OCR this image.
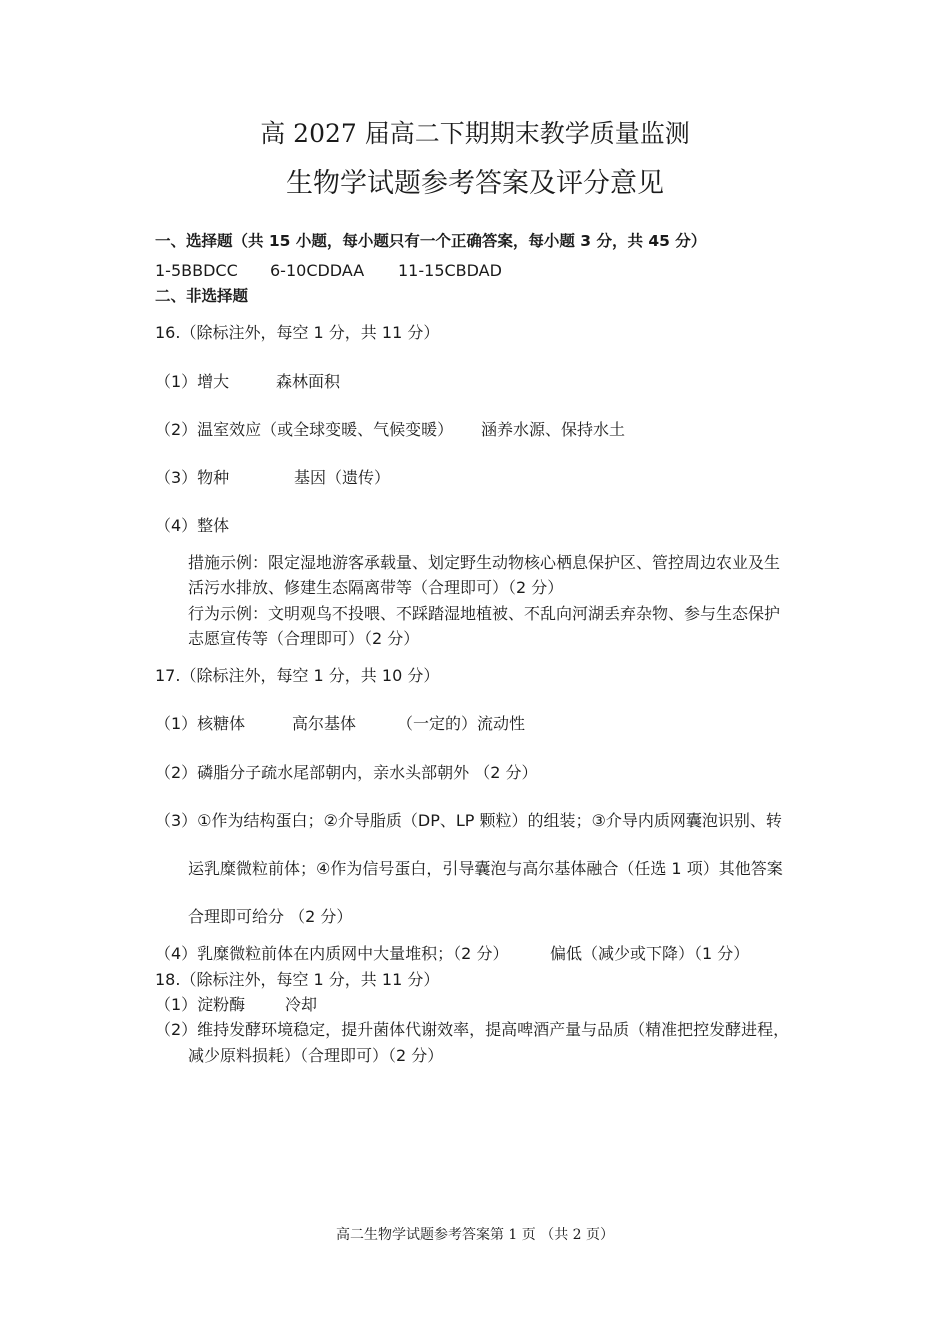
高 2027 届高二下期期末教学质量监测
生物学试题参考答案及评分意见
一、选择题（共 15 小题，每小题只有一个正确答案，每小题 3 分，共 45 分）
1-5BBDCC 6-10CDDAA 11-15CBDAD
二、非选择题
16.（除标注外，每空 1 分，共 11 分）
（1）增大	森林面积
（2）温室效应（或全球变暖、气候变暖） 涵养水源、保持水土
（3）物种	基因（遗传）
（4）整体
措施示例：限定湿地游客承载量、划定野生动物核心栖息保护区、管控周边农业及生
活污水排放、修建生态隔离带等（合理即可）（2 分）
行为示例：文明观鸟不投喂、不踩踏湿地植被、不乱向河湖丢弃杂物、参与生态保护
志愿宣传等（合理即可）（2 分）
17.（除标注外，每空 1 分，共 10 分）
（1）核糖体	高尔基体	（一定的）流动性
（2）磷脂分子疏水尾部朝内，亲水头部朝外 （2 分）
（3）①作为结构蛋白；②介导脂质（DP、LP 颗粒）的组装；③介导内质网囊泡识别、转
运乳糜微粒前体；④作为信号蛋白，引导囊泡与高尔基体融合（任选 1 项）其他答案
合理即可给分 （2 分）
（4）乳糜微粒前体在内质网中大量堆积；（2 分）	偏低（减少或下降）（1 分）
18.（除标注外，每空 1 分，共 11 分）
（1）淀粉酶 冷却
（2）维持发酵环境稳定，提升菌体代谢效率，提高啤酒产量与品质（精准把控发酵进程，
减少原料损耗）（合理即可）（2 分）
高二生物学试题参考答案第 1 页 （共 2 页）
